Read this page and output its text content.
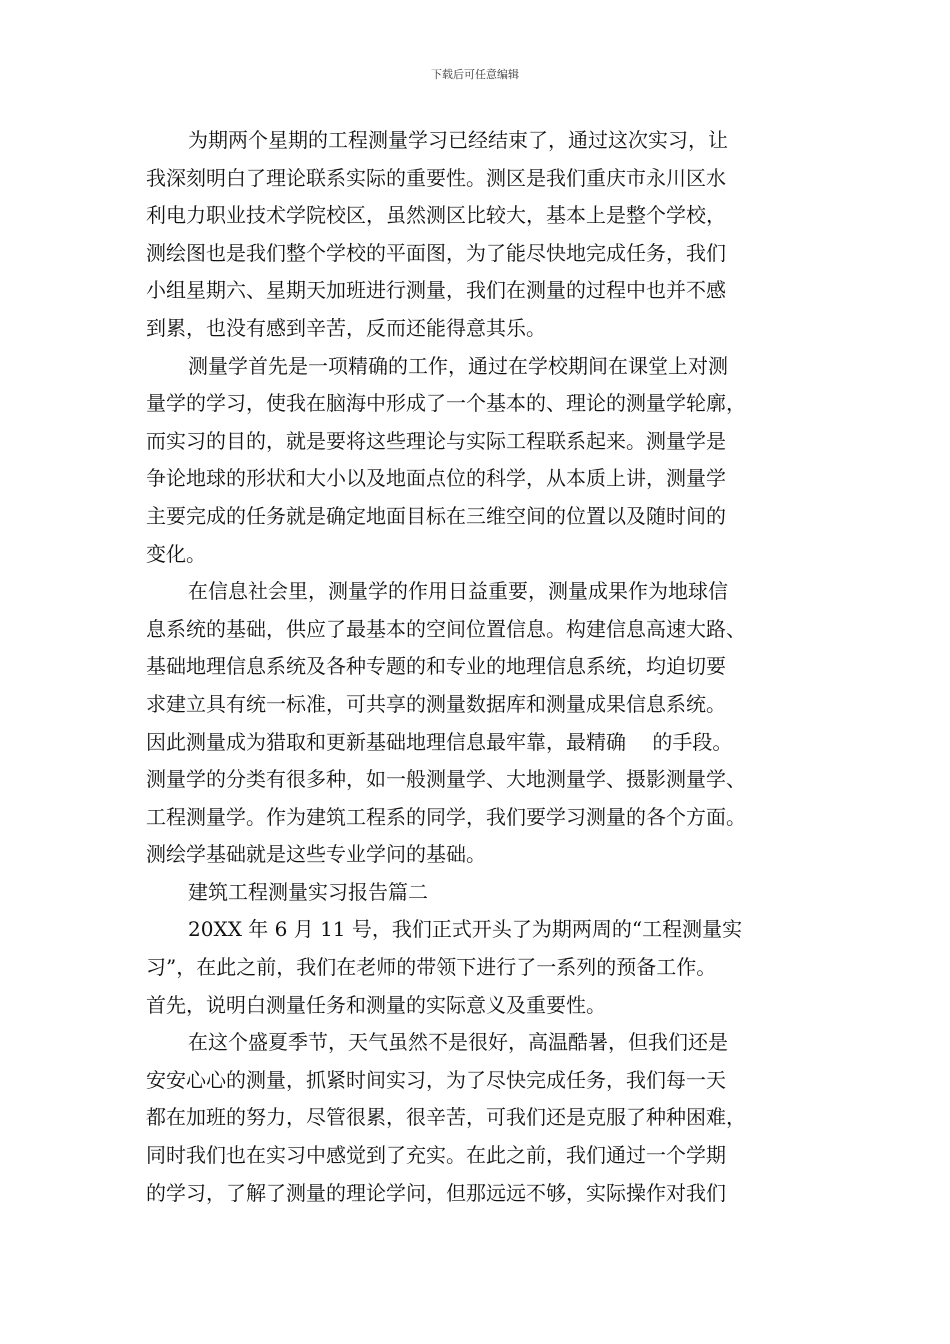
下载后可任意编辑
为期两个星期的工程测量学习已经结束了，通过这次实习，让
我深刻明白了理论联系实际的重要性。测区是我们重庆市永川区水
利电力职业技术学院校区，虽然测区比较大，基本上是整个学校，
测绘图也是我们整个学校的平面图，为了能尽快地完成任务，我们
小组星期六、星期天加班进行测量，我们在测量的过程中也并不感
到累，也没有感到辛苦，反而还能得意其乐。
测量学首先是一项精确的工作，通过在学校期间在课堂上对测
量学的学习，使我在脑海中形成了一个基本的、理论的测量学轮廓，
而实习的目的，就是要将这些理论与实际工程联系起来。测量学是
争论地球的形状和大小以及地面点位的科学，从本质上讲，测量学
主要完成的任务就是确定地面目标在三维空间的位置以及随时间的
变化。
在信息社会里，测量学的作用日益重要，测量成果作为地球信
息系统的基础，供应了最基本的空间位置信息。构建信息高速大路、
基础地理信息系统及各种专题的和专业的地理信息系统，均迫切要
求建立具有统一标准，可共享的测量数据库和测量成果信息系统。
因此测量成为猎取和更新基础地理信息最牢靠，最精确　 的手段。
测量学的分类有很多种，如一般测量学、大地测量学、摄影测量学、
工程测量学。作为建筑工程系的同学，我们要学习测量的各个方面。
测绘学基础就是这些专业学问的基础。
建筑工程测量实习报告篇二
20XX 年 6 月 11 号，我们正式开头了为期两周的“工程测量实
习”，在此之前，我们在老师的带领下进行了一系列的预备工作。
首先，说明白测量任务和测量的实际意义及重要性。
在这个盛夏季节，天气虽然不是很好，高温酷暑，但我们还是
安安心心的测量，抓紧时间实习，为了尽快完成任务，我们每一天
都在加班的努力，尽管很累，很辛苦，可我们还是克服了种种困难，
同时我们也在实习中感觉到了充实。在此之前，我们通过一个学期
的学习，了解了测量的理论学问，但那远远不够，实际操作对我们
